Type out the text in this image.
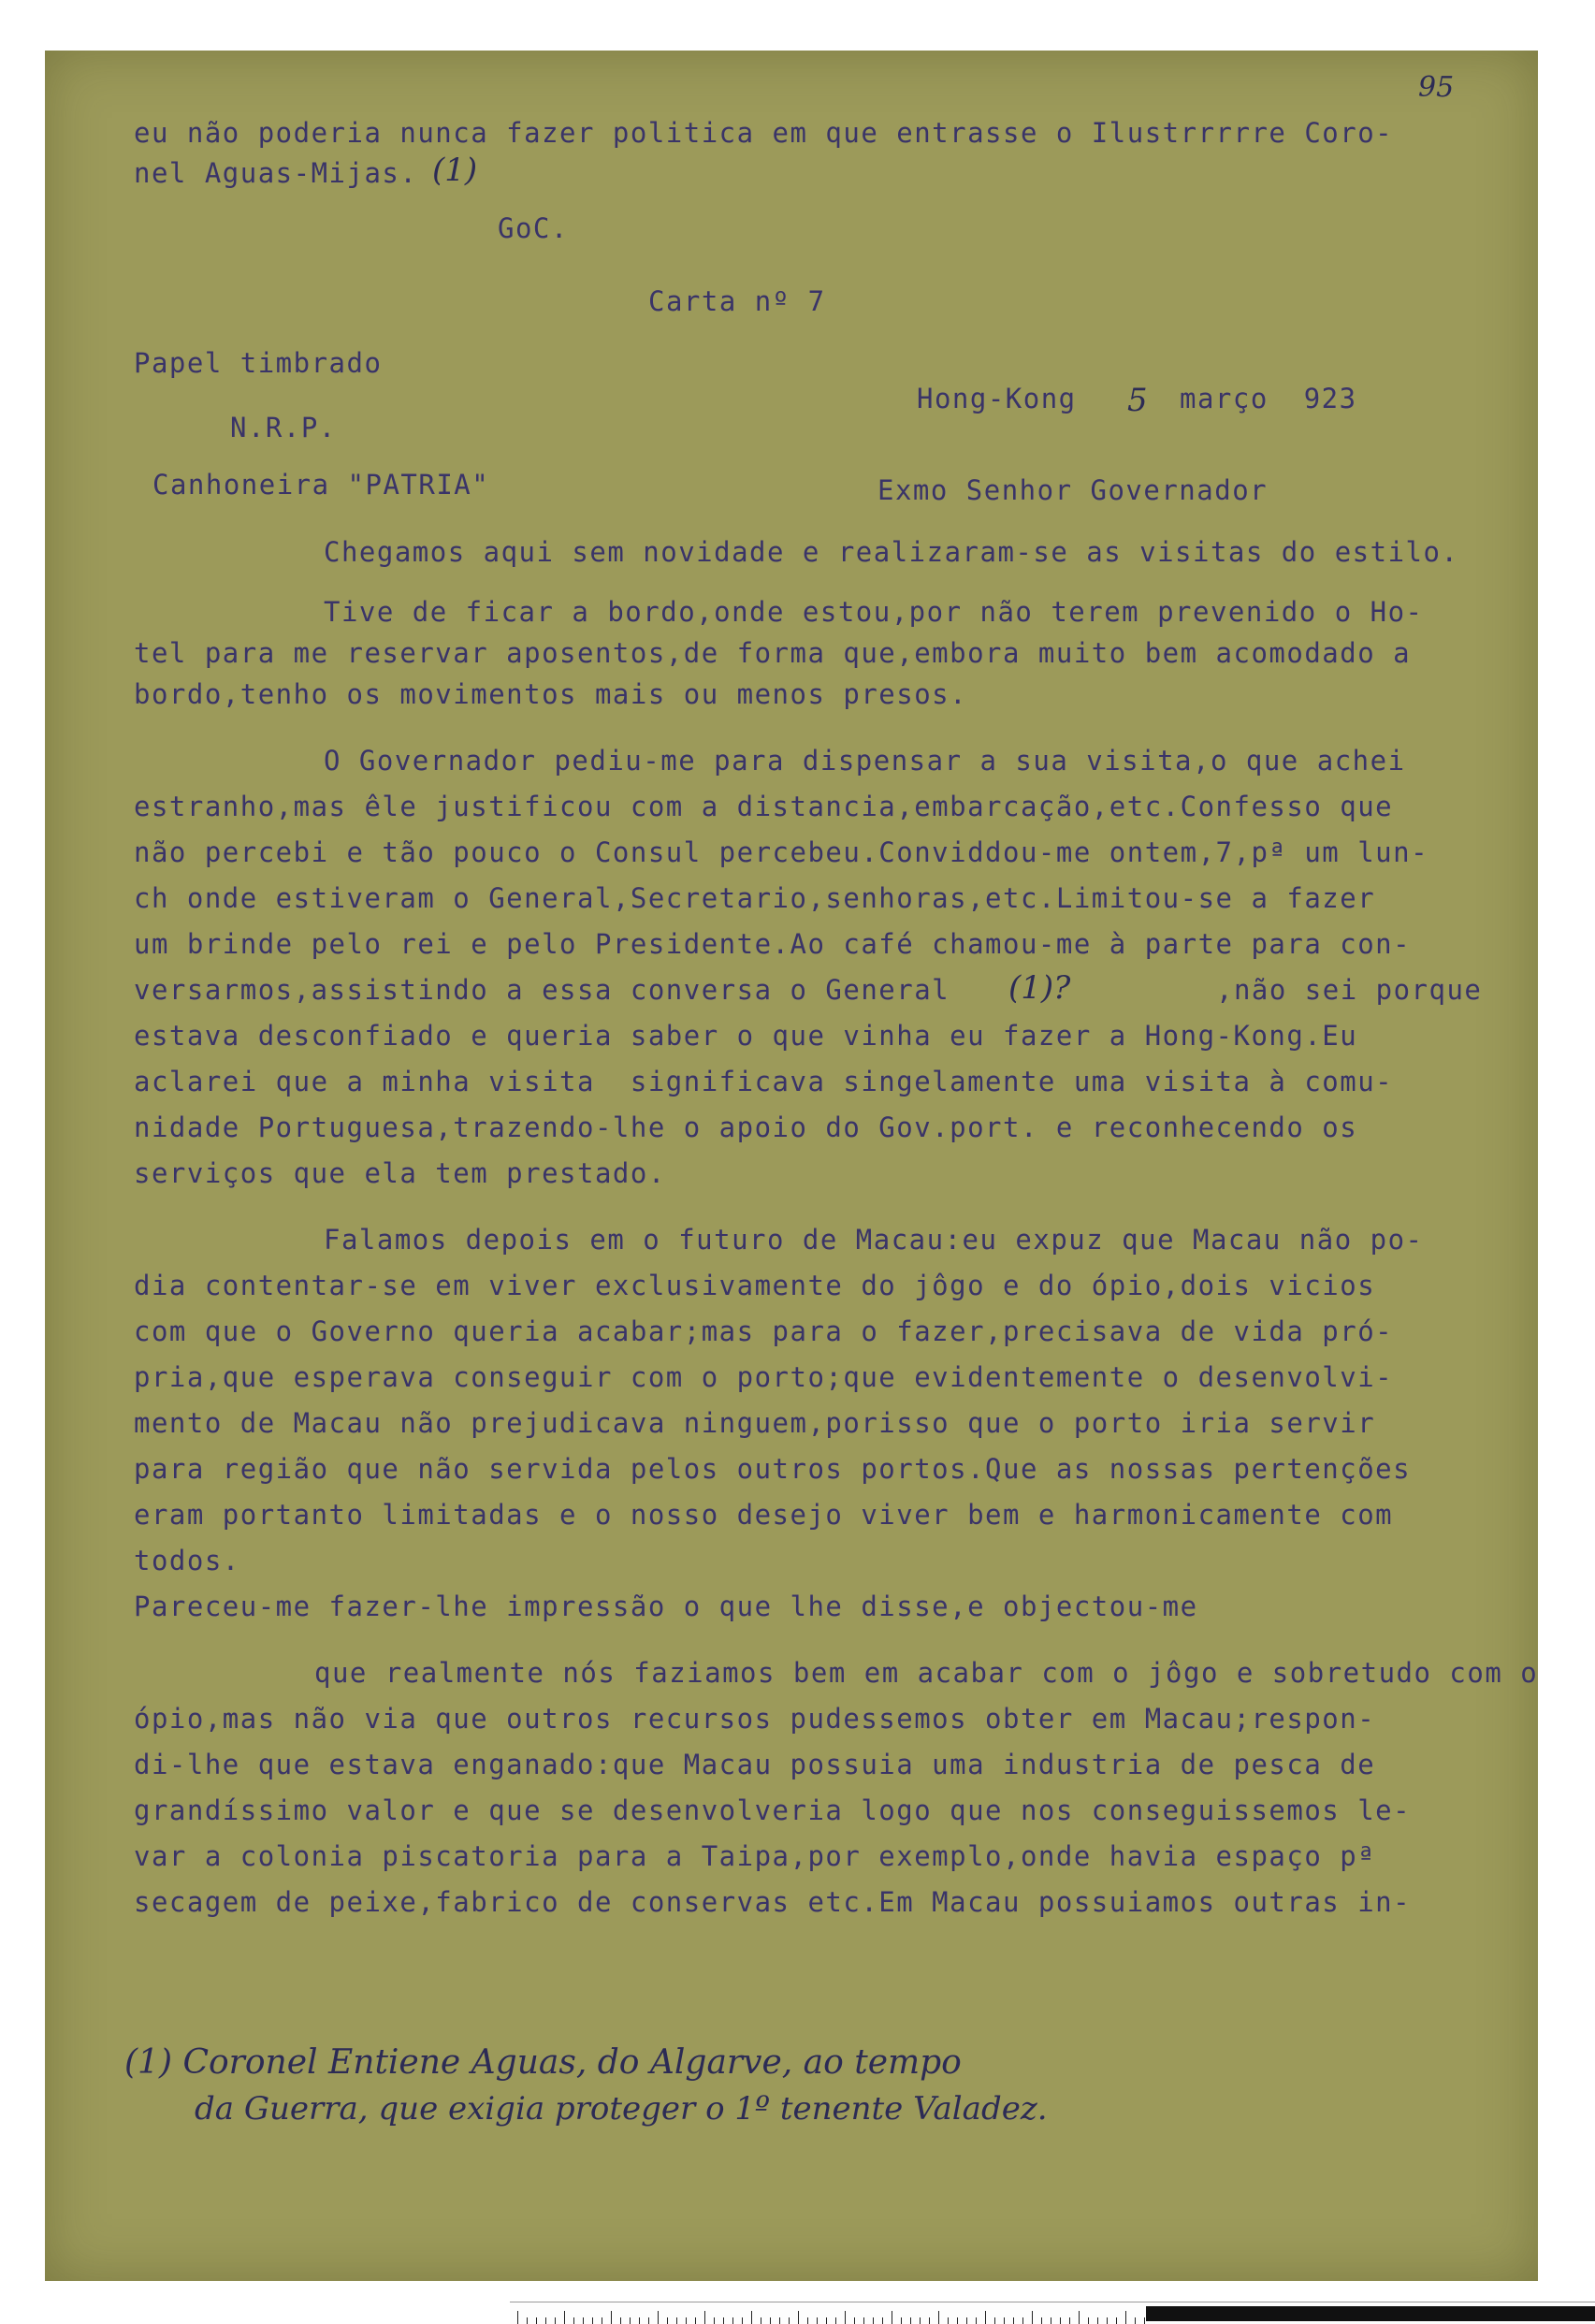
95
eu não poderia nunca fazer politica em que entrasse o Ilustrrrrre Coro-
nel Aguas-Mijas. (1)
GoC.
Carta nº 7
Papel timbrado
Hong-Kong 5 março  923
N.R.P.
Canhoneira "PATRIA"	Exmo Senhor Governador
Chegamos aqui sem novidade e realizaram-se as visitas do estilo.
Tive de ficar a bordo,onde estou,por não terem prevenido o Ho-
tel para me reservar aposentos,de forma que,embora muito bem acomodado a
bordo,tenho os movimentos mais ou menos presos.
O Governador pediu-me para dispensar a sua visita,o que achei
estranho,mas êle justificou com a distancia,embarcação,etc.Confesso que
não percebi e tão pouco o Consul percebeu.Conviddou-me ontem,7,pª um lun-
ch onde estiveram o General,Secretario,senhoras,etc.Limitou-se a fazer
um brinde pelo rei e pelo Presidente.Ao café chamou-me à parte para con-
versarmos,assistindo a essa conversa o General (1)?	,não sei porque
estava desconfiado e queria saber o que vinha eu fazer a Hong-Kong.Eu
aclarei que a minha visita  significava singelamente uma visita à comu-
nidade Portuguesa,trazendo-lhe o apoio do Gov.port. e reconhecendo os
serviços que ela tem prestado.
Falamos depois em o futuro de Macau:eu expuz que Macau não po-
dia contentar-se em viver exclusivamente do jôgo e do ópio,dois vicios
com que o Governo queria acabar;mas para o fazer,precisava de vida pró-
pria,que esperava conseguir com o porto;que evidentemente o desenvolvi-
mento de Macau não prejudicava ninguem,porisso que o porto iria servir
para região que não servida pelos outros portos.Que as nossas pertenções
eram portanto limitadas e o nosso desejo viver bem e harmonicamente com
todos.
Pareceu-me fazer-lhe impressão o que lhe disse,e objectou-me
que realmente nós faziamos bem em acabar com o jôgo e sobretudo com o
ópio,mas não via que outros recursos pudessemos obter em Macau;respon-
di-lhe que estava enganado:que Macau possuia uma industria de pesca de
grandíssimo valor e que se desenvolveria logo que nos conseguissemos le-
var a colonia piscatoria para a Taipa,por exemplo,onde havia espaço pª
secagem de peixe,fabrico de conservas etc.Em Macau possuiamos outras in-
(1) Coronel Entiene Aguas, do Algarve, ao tempo
da Guerra, que exigia proteger o 1º tenente Valadez.
